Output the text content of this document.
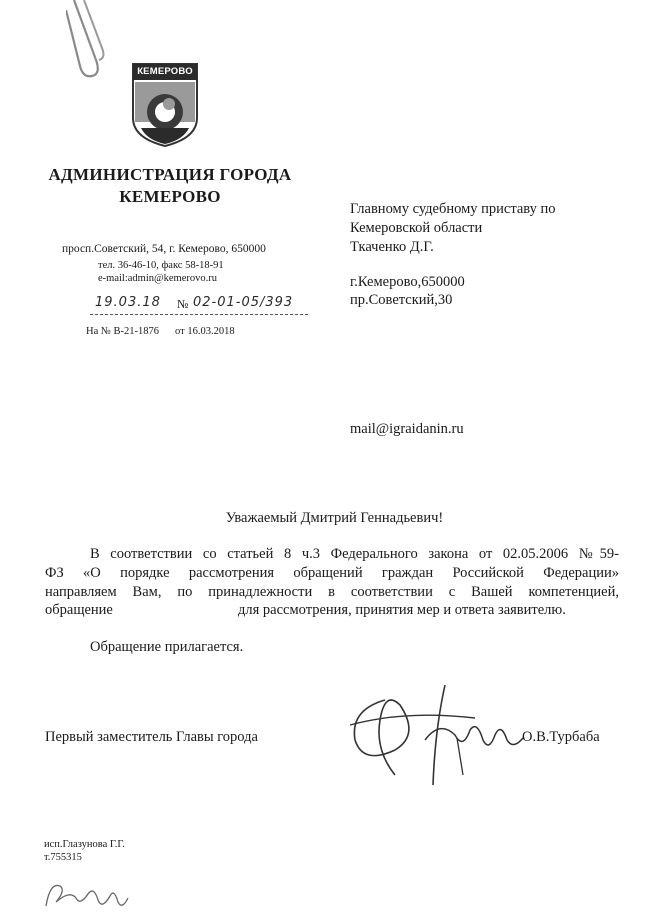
КЕМЕРОВО
АДМИНИСТРАЦИЯ ГОРОДА
КЕМЕРОВО
просп.Советский, 54, г. Кемерово, 650000
тел. 36-46-10, факс 58-18-91
e-mail:admin@kemerovo.ru
19.03.18 № 02-01-05/393
На № В-21-1876 от 16.03.2018
Главному судебному приставу по
Кемеровской области
Ткаченко Д.Г.
г.Кемерово,650000
пр.Советский,30
mail@igraidanin.ru
Уважаемый Дмитрий Геннадьевич!
В соответствии со статьей 8 ч.3 Федерального закона от 02.05.2006 №59-
ФЗ «О порядке рассмотрения обращений граждан Российской Федерации»
направляем Вам, по принадлежности в соответствии с Вашей компетенцией,
обращение	для рассмотрения, принятия мер и ответа заявителю.
Обращение прилагается.
Первый заместитель Главы города	О.В.Турбаба
исп.Глазунова Г.Г.
т.755315
